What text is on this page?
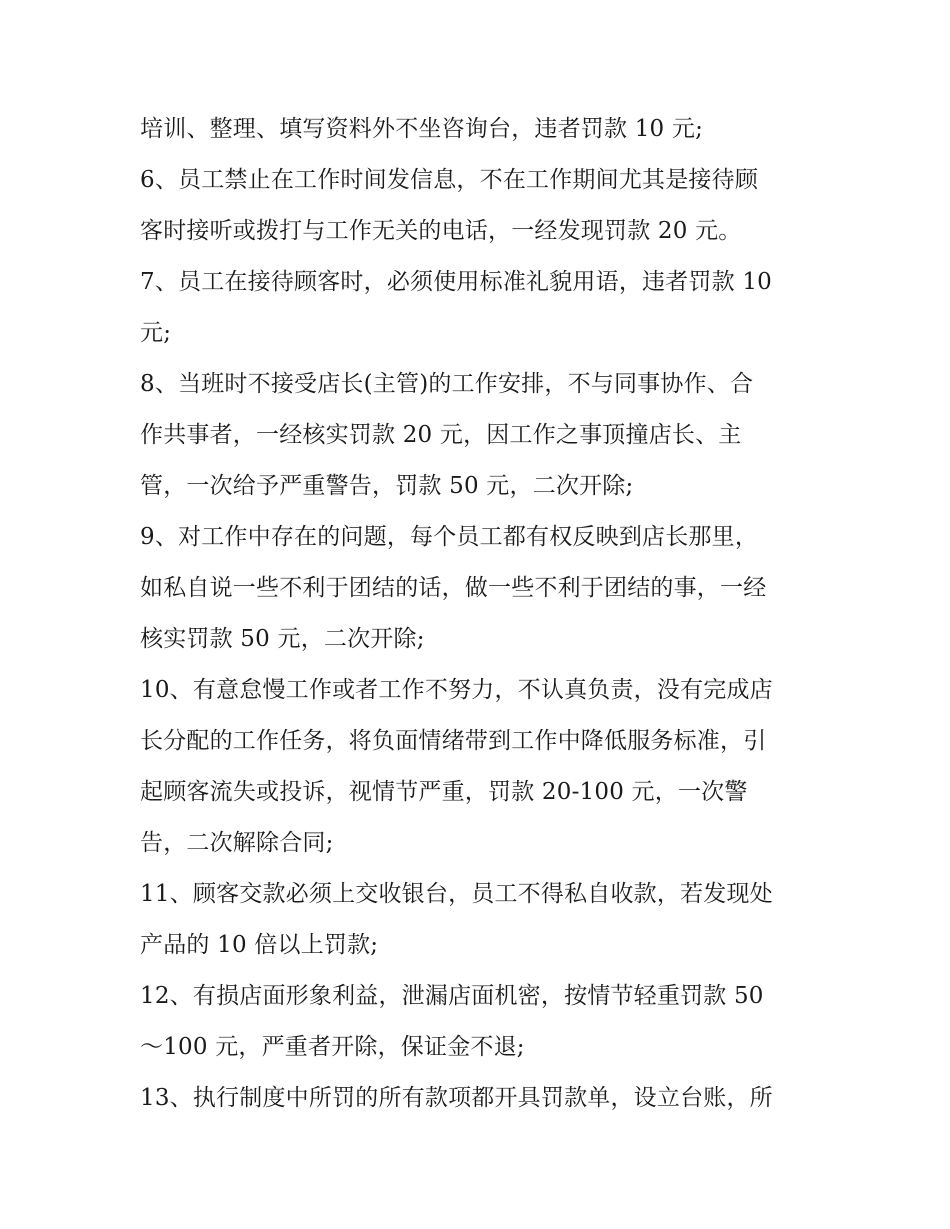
培训、整理、填写资料外不坐咨询台，违者罚款 10 元;
6、员工禁止在工作时间发信息，不在工作期间尤其是接待顾
客时接听或拨打与工作无关的电话，一经发现罚款 20 元。
7、员工在接待顾客时，必须使用标准礼貌用语，违者罚款 10
元;
8、当班时不接受店长(主管)的工作安排，不与同事协作、合
作共事者，一经核实罚款 20 元，因工作之事顶撞店长、主
管，一次给予严重警告，罚款 50 元，二次开除;
9、对工作中存在的问题，每个员工都有权反映到店长那里，
如私自说一些不利于团结的话，做一些不利于团结的事，一经
核实罚款 50 元，二次开除;
10、有意怠慢工作或者工作不努力，不认真负责，没有完成店
长分配的工作任务，将负面情绪带到工作中降低服务标准，引
起顾客流失或投诉，视情节严重，罚款 20-100 元，一次警
告，二次解除合同;
11、顾客交款必须上交收银台，员工不得私自收款，若发现处
产品的 10 倍以上罚款;
12、有损店面形象利益，泄漏店面机密，按情节轻重罚款 50
～100 元，严重者开除，保证金不退;
13、执行制度中所罚的所有款项都开具罚款单，设立台账，所
